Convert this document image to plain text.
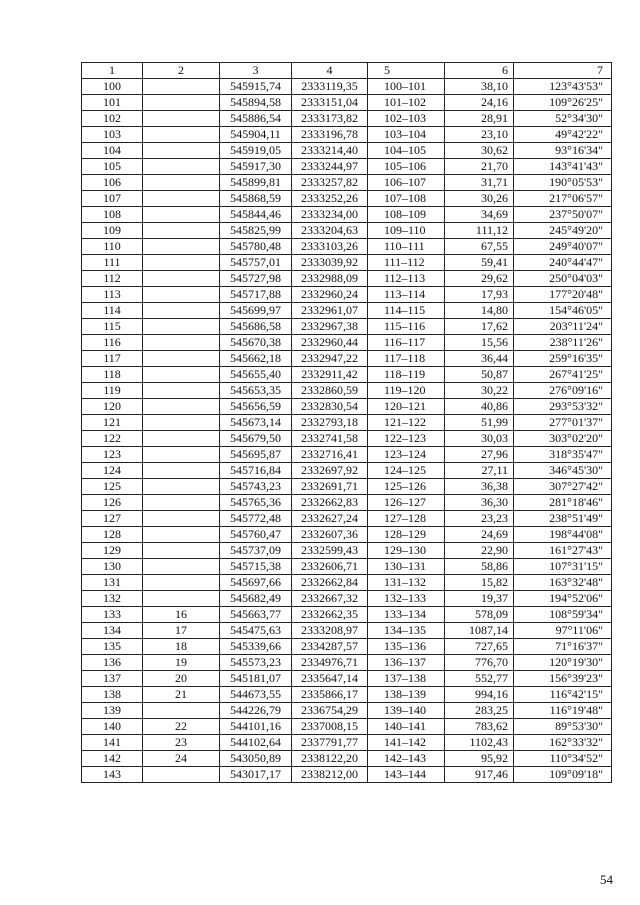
1	2	3	4	5	6	7
100		545915,74	2333119,35	100–101	38,10	123°43'53"
101		545894,58	2333151,04	101–102	24,16	109°26'25"
102		545886,54	2333173,82	102–103	28,91	52°34'30"
103		545904,11	2333196,78	103–104	23,10	49°42'22"
104		545919,05	2333214,40	104–105	30,62	93°16'34"
105		545917,30	2333244,97	105–106	21,70	143°41'43"
106		545899,81	2333257,82	106–107	31,71	190°05'53"
107		545868,59	2333252,26	107–108	30,26	217°06'57"
108		545844,46	2333234,00	108–109	34,69	237°50'07"
109		545825,99	2333204,63	109–110	111,12	245°49'20"
110		545780,48	2333103,26	110–111	67,55	249°40'07"
111		545757,01	2333039,92	111–112	59,41	240°44'47"
112		545727,98	2332988,09	112–113	29,62	250°04'03"
113		545717,88	2332960,24	113–114	17,93	177°20'48"
114		545699,97	2332961,07	114–115	14,80	154°46'05"
115		545686,58	2332967,38	115–116	17,62	203°11'24"
116		545670,38	2332960,44	116–117	15,56	238°11'26"
117		545662,18	2332947,22	117–118	36,44	259°16'35"
118		545655,40	2332911,42	118–119	50,87	267°41'25"
119		545653,35	2332860,59	119–120	30,22	276°09'16"
120		545656,59	2332830,54	120–121	40,86	293°53'32"
121		545673,14	2332793,18	121–122	51,99	277°01'37"
122		545679,50	2332741,58	122–123	30,03	303°02'20"
123		545695,87	2332716,41	123–124	27,96	318°35'47"
124		545716,84	2332697,92	124–125	27,11	346°45'30"
125		545743,23	2332691,71	125–126	36,38	307°27'42"
126		545765,36	2332662,83	126–127	36,30	281°18'46"
127		545772,48	2332627,24	127–128	23,23	238°51'49"
128		545760,47	2332607,36	128–129	24,69	198°44'08"
129		545737,09	2332599,43	129–130	22,90	161°27'43"
130		545715,38	2332606,71	130–131	58,86	107°31'15"
131		545697,66	2332662,84	131–132	15,82	163°32'48"
132		545682,49	2332667,32	132–133	19,37	194°52'06"
133	16	545663,77	2332662,35	133–134	578,09	108°59'34"
134	17	545475,63	2333208,97	134–135	1087,14	97°11'06"
135	18	545339,66	2334287,57	135–136	727,65	71°16'37"
136	19	545573,23	2334976,71	136–137	776,70	120°19'30"
137	20	545181,07	2335647,14	137–138	552,77	156°39'23"
138	21	544673,55	2335866,17	138–139	994,16	116°42'15"
139		544226,79	2336754,29	139–140	283,25	116°19'48"
140	22	544101,16	2337008,15	140–141	783,62	89°53'30"
141	23	544102,64	2337791,77	141–142	1102,43	162°33'32"
142	24	543050,89	2338122,20	142–143	95,92	110°34'52"
143		543017,17	2338212,00	143–144	917,46	109°09'18"
54
